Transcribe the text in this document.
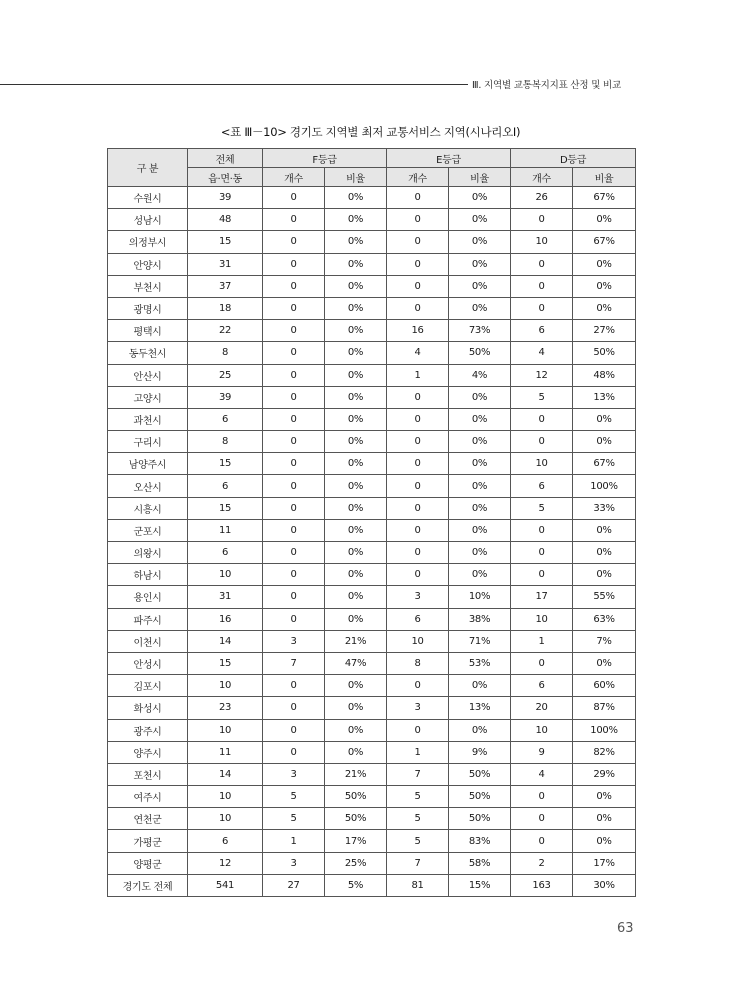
Ⅲ. 지역별 교통복지지표 산정 및 비교
<표 Ⅲ－10> 경기도 지역별 최저 교통서비스 지역(시나리오Ⅰ)
구 분	전체	F등급		E등급		D등급	
	읍·면·동	개수	비율	개수	비율	개수	비율
수원시	39	0	0%	0	0%	26	67%
성남시	48	0	0%	0	0%	0	0%
의정부시	15	0	0%	0	0%	10	67%
안양시	31	0	0%	0	0%	0	0%
부천시	37	0	0%	0	0%	0	0%
광명시	18	0	0%	0	0%	0	0%
평택시	22	0	0%	16	73%	6	27%
동두천시	8	0	0%	4	50%	4	50%
안산시	25	0	0%	1	4%	12	48%
고양시	39	0	0%	0	0%	5	13%
과천시	6	0	0%	0	0%	0	0%
구리시	8	0	0%	0	0%	0	0%
남양주시	15	0	0%	0	0%	10	67%
오산시	6	0	0%	0	0%	6	100%
시흥시	15	0	0%	0	0%	5	33%
군포시	11	0	0%	0	0%	0	0%
의왕시	6	0	0%	0	0%	0	0%
하남시	10	0	0%	0	0%	0	0%
용인시	31	0	0%	3	10%	17	55%
파주시	16	0	0%	6	38%	10	63%
이천시	14	3	21%	10	71%	1	7%
안성시	15	7	47%	8	53%	0	0%
김포시	10	0	0%	0	0%	6	60%
화성시	23	0	0%	3	13%	20	87%
광주시	10	0	0%	0	0%	10	100%
양주시	11	0	0%	1	9%	9	82%
포천시	14	3	21%	7	50%	4	29%
여주시	10	5	50%	5	50%	0	0%
연천군	10	5	50%	5	50%	0	0%
가평군	6	1	17%	5	83%	0	0%
양평군	12	3	25%	7	58%	2	17%
경기도 전체	541	27	5%	81	15%	163	30%
63
